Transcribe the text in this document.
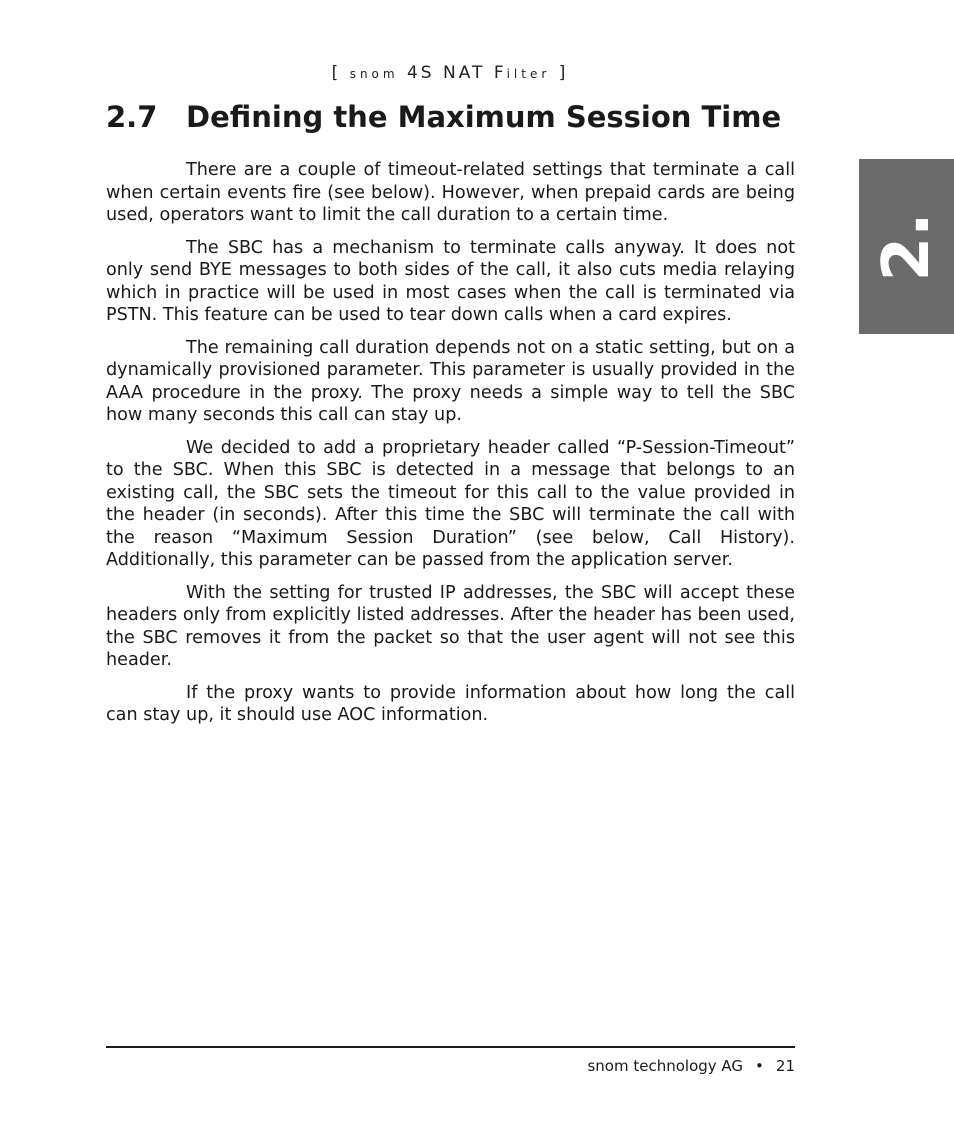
[ snom 4S NAT Filter ]
2.7 Defining the Maximum Session Time
2.

There are a couple of timeout-related settings that terminate a call when certain events fire (see below). However, when prepaid cards are being used, operators want to limit the call duration to a certain time.

The SBC has a mechanism to terminate calls anyway. It does not only send BYE messages to both sides of the call, it also cuts media relaying which in practice will be used in most cases when the call is terminated via PSTN. This feature can be used to tear down calls when a card expires.

The remaining call duration depends not on a static setting, but on a dynamically provisioned parameter. This parameter is usually provided in the AAA procedure in the proxy. The proxy needs a simple way to tell the SBC how many seconds this call can stay up.

We decided to add a proprietary header called “P-Session-Timeout” to the SBC. When this SBC is detected in a message that belongs to an existing call, the SBC sets the timeout for this call to the value provided in the header (in seconds). After this time the SBC will terminate the call with the reason “Maximum Session Duration” (see below, Call History). Additionally, this parameter can be passed from the application server.

With the setting for trusted IP addresses, the SBC will accept these headers only from explicitly listed addresses. After the header has been used, the SBC removes it from the packet so that the user agent will not see this header.

If the proxy wants to provide information about how long the call can stay up, it should use AOC information.

snom technology AG • 21
